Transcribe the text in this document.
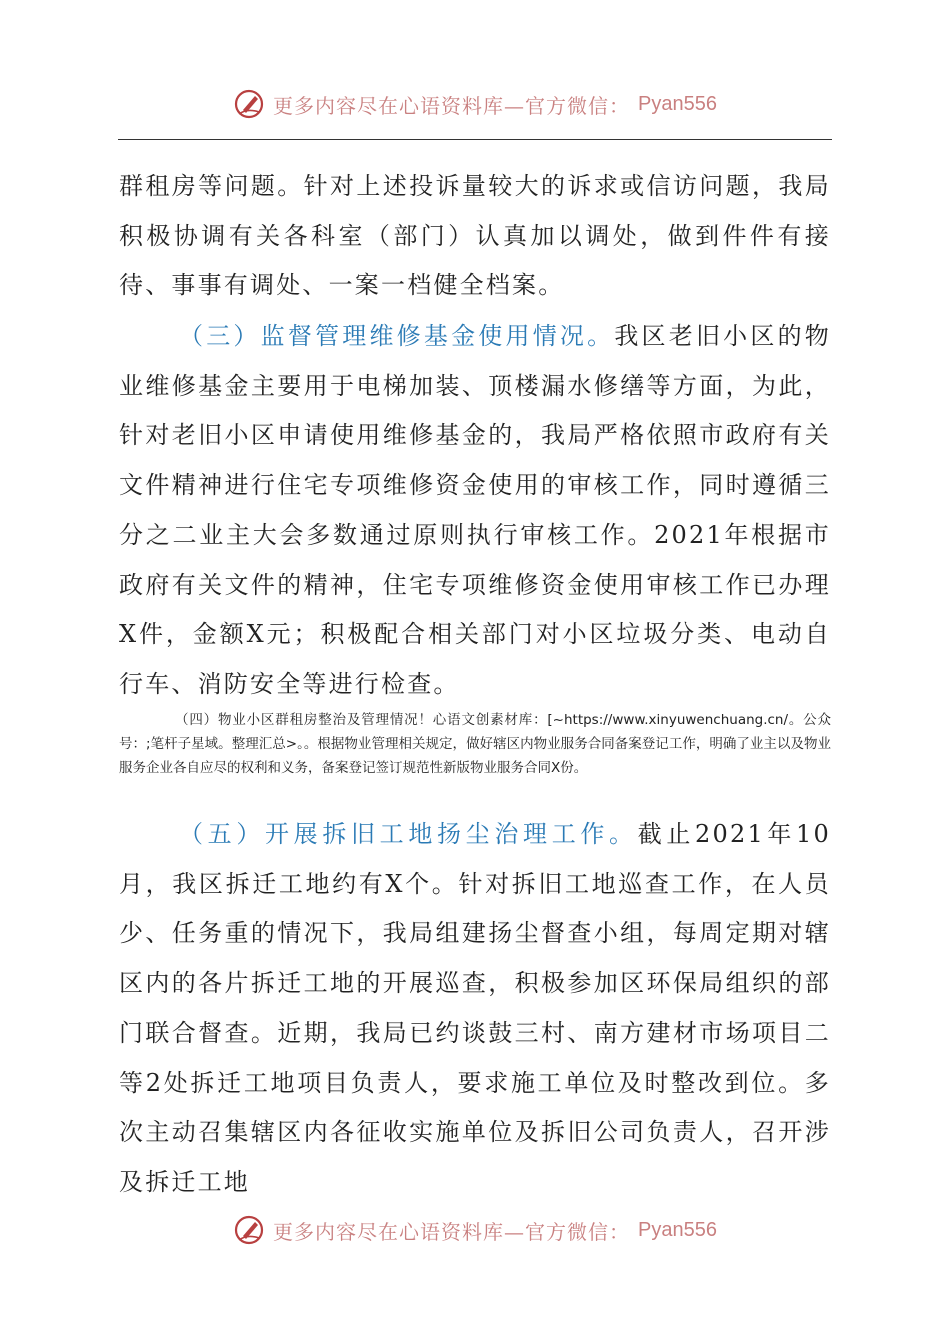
更多内容尽在心语资料库—官方微信： Pyan556

群租房等问题。针对上述投诉量较大的诉求或信访问题，我局积极协调有关各科室（部门）认真加以调处，做到件件有接待、事事有调处、一案一档健全档案。

（三）监督管理维修基金使用情况。我区老旧小区的物业维修基金主要用于电梯加装、顶楼漏水修缮等方面，为此，针对老旧小区申请使用维修基金的，我局严格依照市政府有关文件精神进行住宅专项维修资金使用的审核工作，同时遵循三分之二业主大会多数通过原则执行审核工作。2021年根据市政府有关文件的精神，住宅专项维修资金使用审核工作已办理X件，金额X元；积极配合相关部门对小区垃圾分类、电动自行车、消防安全等进行检查。

（四）物业小区群租房整治及管理情况！心语文创素材库：[~https://www.xinyuwenchuang.cn/。公众号：;笔杆子星域。整理汇总>。。根据物业管理相关规定，做好辖区内物业服务合同备案登记工作，明确了业主以及物业服务企业各自应尽的权利和义务，备案登记签订规范性新版物业服务合同X份。

（五）开展拆旧工地扬尘治理工作。截止2021年10月，我区拆迁工地约有X个。针对拆旧工地巡查工作，在人员少、任务重的情况下，我局组建扬尘督查小组，每周定期对辖区内的各片拆迁工地的开展巡查，积极参加区环保局组织的部门联合督查。近期，我局已约谈鼓三村、南方建材市场项目二等2处拆迁工地项目负责人，要求施工单位及时整改到位。多次主动召集辖区内各征收实施单位及拆旧公司负责人，召开涉及拆迁工地

更多内容尽在心语资料库—官方微信： Pyan556
